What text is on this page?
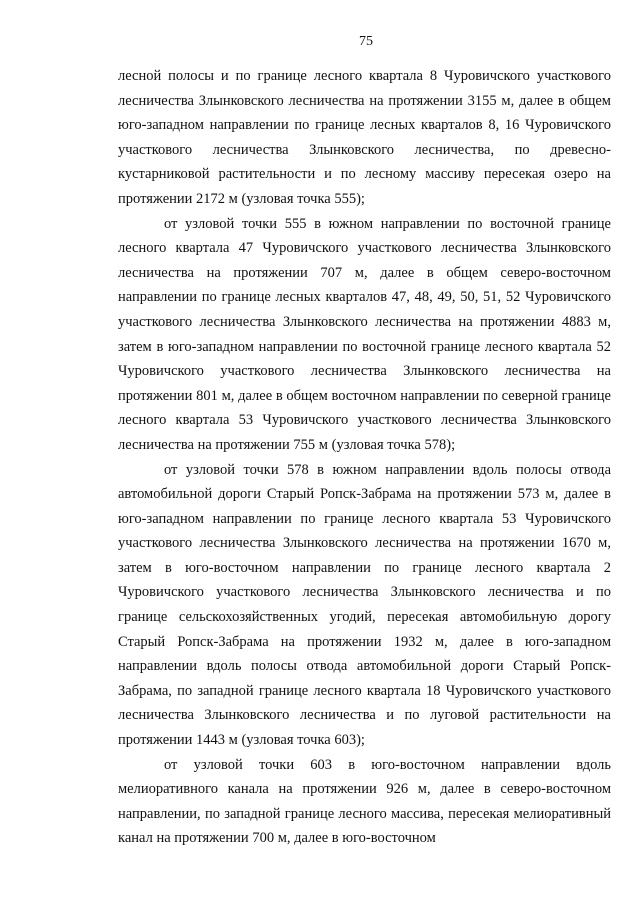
75

лесной полосы и по границе лесного квартала 8 Чуровичского участкового лесничества Злынковского лесничества на протяжении 3155 м, далее в общем юго-западном направлении по границе лесных кварталов 8, 16 Чуровичского участкового лесничества Злынковского лесничества, по древесно-кустарниковой растительности и по лесному массиву пересекая озеро на протяжении 2172 м (узловая точка 555);

от узловой точки 555 в южном направлении по восточной границе лесного квартала 47 Чуровичского участкового лесничества Злынковского лесничества на протяжении 707 м, далее в общем северо-восточном направлении по границе лесных кварталов 47, 48, 49, 50, 51, 52 Чуровичского участкового лесничества Злынковского лесничества на протяжении 4883 м, затем в юго-западном направлении по восточной границе лесного квартала 52 Чуровичского участкового лесничества Злынковского лесничества на протяжении 801 м, далее в общем восточном направлении по северной границе лесного квартала 53 Чуровичского участкового лесничества Злынковского лесничества на протяжении 755 м (узловая точка 578);

от узловой точки 578 в южном направлении вдоль полосы отвода автомобильной дороги Старый Ропск-Забрама на протяжении 573 м, далее в юго-западном направлении по границе лесного квартала 53 Чуровичского участкового лесничества Злынковского лесничества на протяжении 1670 м, затем в юго-восточном направлении по границе лесного квартала 2 Чуровичского участкового лесничества Злынковского лесничества и по границе сельскохозяйственных угодий, пересекая автомобильную дорогу Старый Ропск-Забрама на протяжении 1932 м, далее в юго-западном направлении вдоль полосы отвода автомобильной дороги Старый Ропск-Забрама, по западной границе лесного квартала 18 Чуровичского участкового лесничества Злынковского лесничества и по луговой растительности на протяжении 1443 м (узловая точка 603);

от узловой точки 603 в юго-восточном направлении вдоль мелиоративного канала на протяжении 926 м, далее в северо-восточном направлении, по западной границе лесного массива, пересекая мелиоративный канал на протяжении 700 м, далее в юго-восточном
